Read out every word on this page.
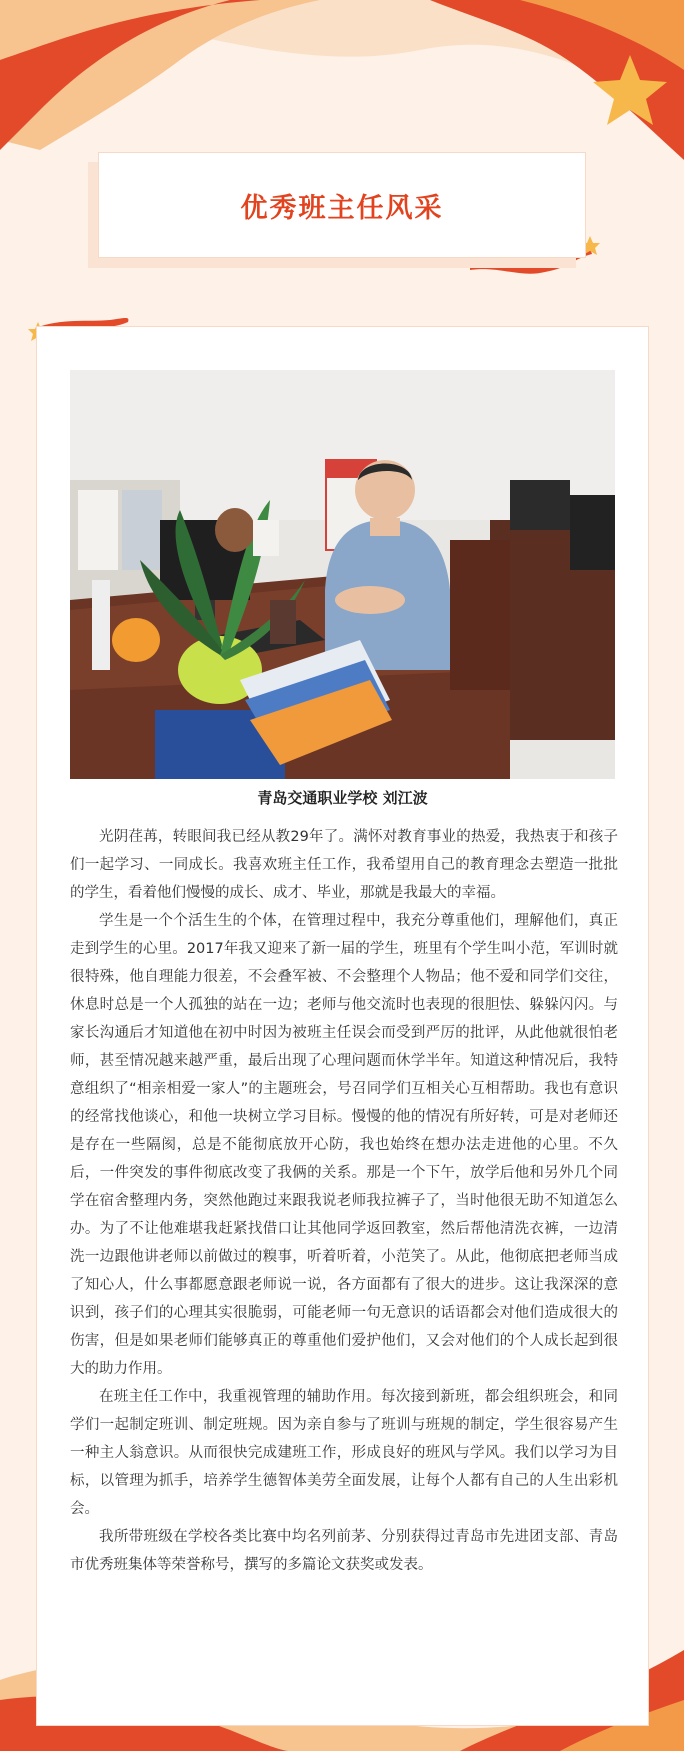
优秀班主任风采
青岛交通职业学校 刘江波

光阴荏苒，转眼间我已经从教29年了。满怀对教育事业的热爱，我热衷于和孩子们一起学习、一同成长。我喜欢班主任工作，我希望用自己的教育理念去塑造一批批的学生，看着他们慢慢的成长、成才、毕业，那就是我最大的幸福。

学生是一个个活生生的个体，在管理过程中，我充分尊重他们，理解他们，真正走到学生的心里。2017年我又迎来了新一届的学生，班里有个学生叫小范，军训时就很特殊，他自理能力很差，不会叠军被、不会整理个人物品；他不爱和同学们交往，休息时总是一个人孤独的站在一边；老师与他交流时也表现的很胆怯、躲躲闪闪。与家长沟通后才知道他在初中时因为被班主任误会而受到严厉的批评，从此他就很怕老师，甚至情况越来越严重，最后出现了心理问题而休学半年。知道这种情况后，我特意组织了“相亲相爱一家人”的主题班会，号召同学们互相关心互相帮助。我也有意识的经常找他谈心，和他一块树立学习目标。慢慢的他的情况有所好转，可是对老师还是存在一些隔阂，总是不能彻底放开心防，我也始终在想办法走进他的心里。不久后，一件突发的事件彻底改变了我俩的关系。那是一个下午，放学后他和另外几个同学在宿舍整理内务，突然他跑过来跟我说老师我拉裤子了，当时他很无助不知道怎么办。为了不让他难堪我赶紧找借口让其他同学返回教室，然后帮他清洗衣裤，一边清洗一边跟他讲老师以前做过的糗事，听着听着，小范笑了。从此，他彻底把老师当成了知心人，什么事都愿意跟老师说一说，各方面都有了很大的进步。这让我深深的意识到，孩子们的心理其实很脆弱，可能老师一句无意识的话语都会对他们造成很大的伤害，但是如果老师们能够真正的尊重他们爱护他们，又会对他们的个人成长起到很大的助力作用。

在班主任工作中，我重视管理的辅助作用。每次接到新班，都会组织班会，和同学们一起制定班训、制定班规。因为亲自参与了班训与班规的制定，学生很容易产生一种主人翁意识。从而很快完成建班工作，形成良好的班风与学风。我们以学习为目标，以管理为抓手，培养学生德智体美劳全面发展，让每个人都有自己的人生出彩机会。

我所带班级在学校各类比赛中均名列前茅、分别获得过青岛市先进团支部、青岛市优秀班集体等荣誉称号，撰写的多篇论文获奖或发表。
